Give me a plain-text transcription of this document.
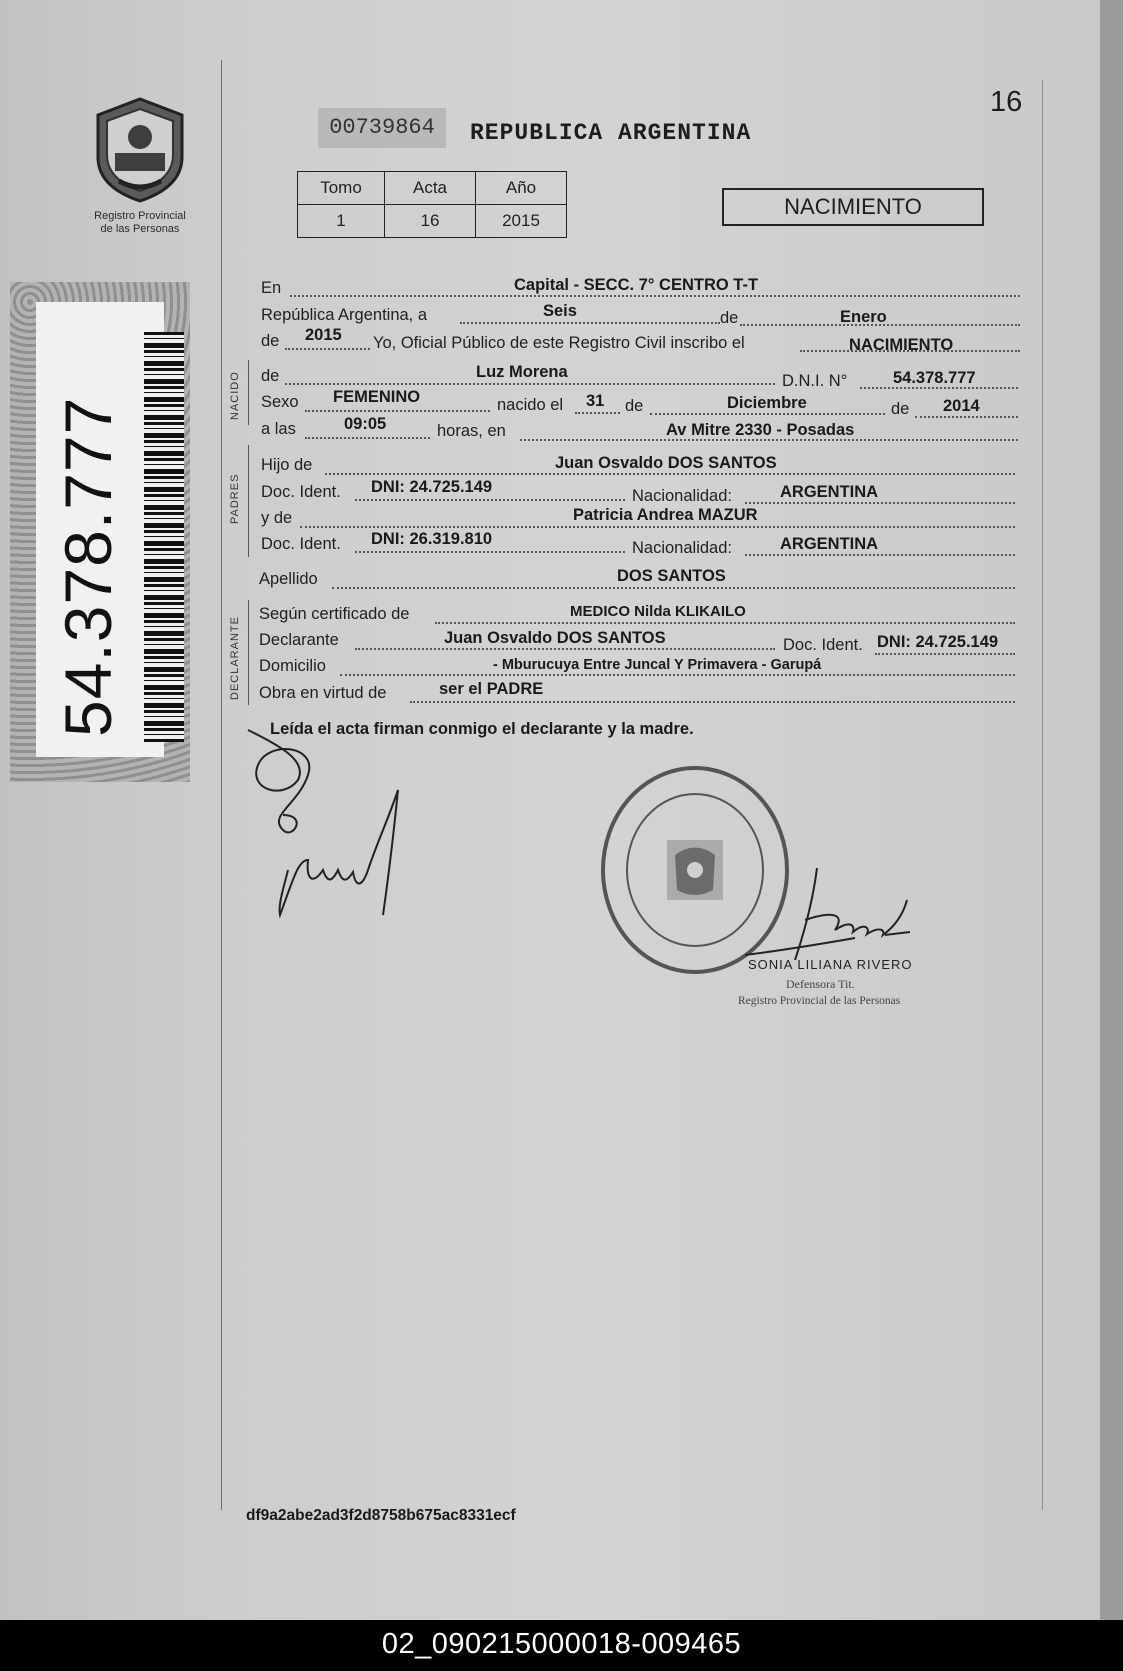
Registro Provincial
de las Personas
54.378.777
00739864	REPUBLICA ARGENTINA
16
Tomo	Acta	Año
1	16	2015
NACIMIENTO
NACIDO
PADRES
DECLARANTE
En	Capital - SECC. 7° CENTRO T-T
República Argentina, a	Seis	de	Enero
de 2015 Yo, Oficial Público de este Registro Civil inscribo el	NACIMIENTO
de	Luz Morena	D.N.I. N°	54.378.777
Sexo FEMENINO	nacido el 31 de	Diciembre	de 2014
a las	09:05	horas, en	Av Mitre 2330 - Posadas
Hijo de	Juan Osvaldo DOS SANTOS
Doc. Ident. DNI: 24.725.149	Nacionalidad:	ARGENTINA
y de	Patricia Andrea MAZUR
Doc. Ident. DNI: 26.319.810	Nacionalidad:	ARGENTINA
Apellido	DOS SANTOS
Según certificado de	MEDICO Nilda KLIKAILO
Declarante	Juan Osvaldo DOS SANTOS	Doc. Ident. DNI: 24.725.149
Domicilio	- Mburucuya Entre Juncal Y Primavera - Garupá
Obra en virtud de	ser el PADRE
Leída el acta firman conmigo el declarante y la madre.
SONIA LILIANA RIVERO
Defensora Tit.
Registro Provincial de las Personas
df9a2abe2ad3f2d8758b675ac8331ecf
02_090215000018-009465
